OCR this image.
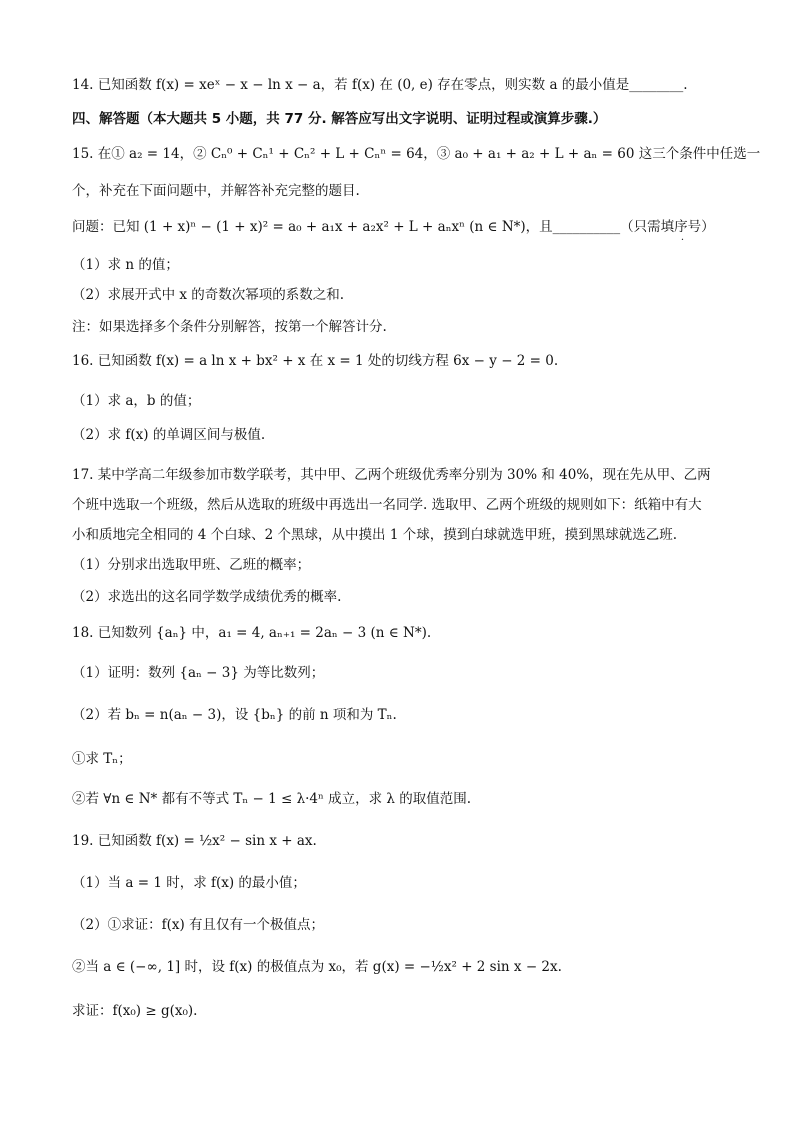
14. 已知函数 f(x) = xeˣ − x − ln x − a，若 f(x) 在 (0, e) 存在零点，则实数 a 的最小值是________.
四、解答题（本大题共 5 小题，共 77 分. 解答应写出文字说明、证明过程或演算步骤.）
15. 在① a₂ = 14，② Cₙ⁰ + Cₙ¹ + Cₙ² + L + Cₙⁿ = 64，③ a₀ + a₁ + a₂ + L + aₙ = 60 这三个条件中任选一
个，补充在下面问题中，并解答补充完整的题目.
问题：已知 (1 + x)ⁿ − (1 + x)² = a₀ + a₁x + a₂x² + L + aₙxⁿ (n ∈ N*)，且__________（只需填序号）
.
（1）求 n 的值；
（2）求展开式中 x 的奇数次幂项的系数之和.
注：如果选择多个条件分别解答，按第一个解答计分.
16. 已知函数 f(x) = a ln x + bx² + x 在 x = 1 处的切线方程 6x − y − 2 = 0.
（1）求 a，b 的值；
（2）求 f(x) 的单调区间与极值.
17. 某中学高二年级参加市数学联考，其中甲、乙两个班级优秀率分别为 30% 和 40%，现在先从甲、乙两
个班中选取一个班级，然后从选取的班级中再选出一名同学. 选取甲、乙两个班级的规则如下：纸箱中有大
小和质地完全相同的 4 个白球、2 个黑球，从中摸出 1 个球，摸到白球就选甲班，摸到黑球就选乙班.
（1）分别求出选取甲班、乙班的概率；
（2）求选出的这名同学数学成绩优秀的概率.
18. 已知数列 {aₙ} 中，a₁ = 4, aₙ₊₁ = 2aₙ − 3 (n ∈ N*).
（1）证明：数列 {aₙ − 3} 为等比数列；
（2）若 bₙ = n(aₙ − 3)，设 {bₙ} 的前 n 项和为 Tₙ.
①求 Tₙ；
②若 ∀n ∈ N* 都有不等式 Tₙ − 1 ≤ λ·4ⁿ 成立，求 λ 的取值范围.
19. 已知函数 f(x) = ½x² − sin x + ax.
（1）当 a = 1 时，求 f(x) 的最小值；
（2）①求证：f(x) 有且仅有一个极值点；
②当 a ∈ (−∞, 1] 时，设 f(x) 的极值点为 x₀，若 g(x) = −½x² + 2 sin x − 2x.
求证：f(x₀) ≥ g(x₀).
